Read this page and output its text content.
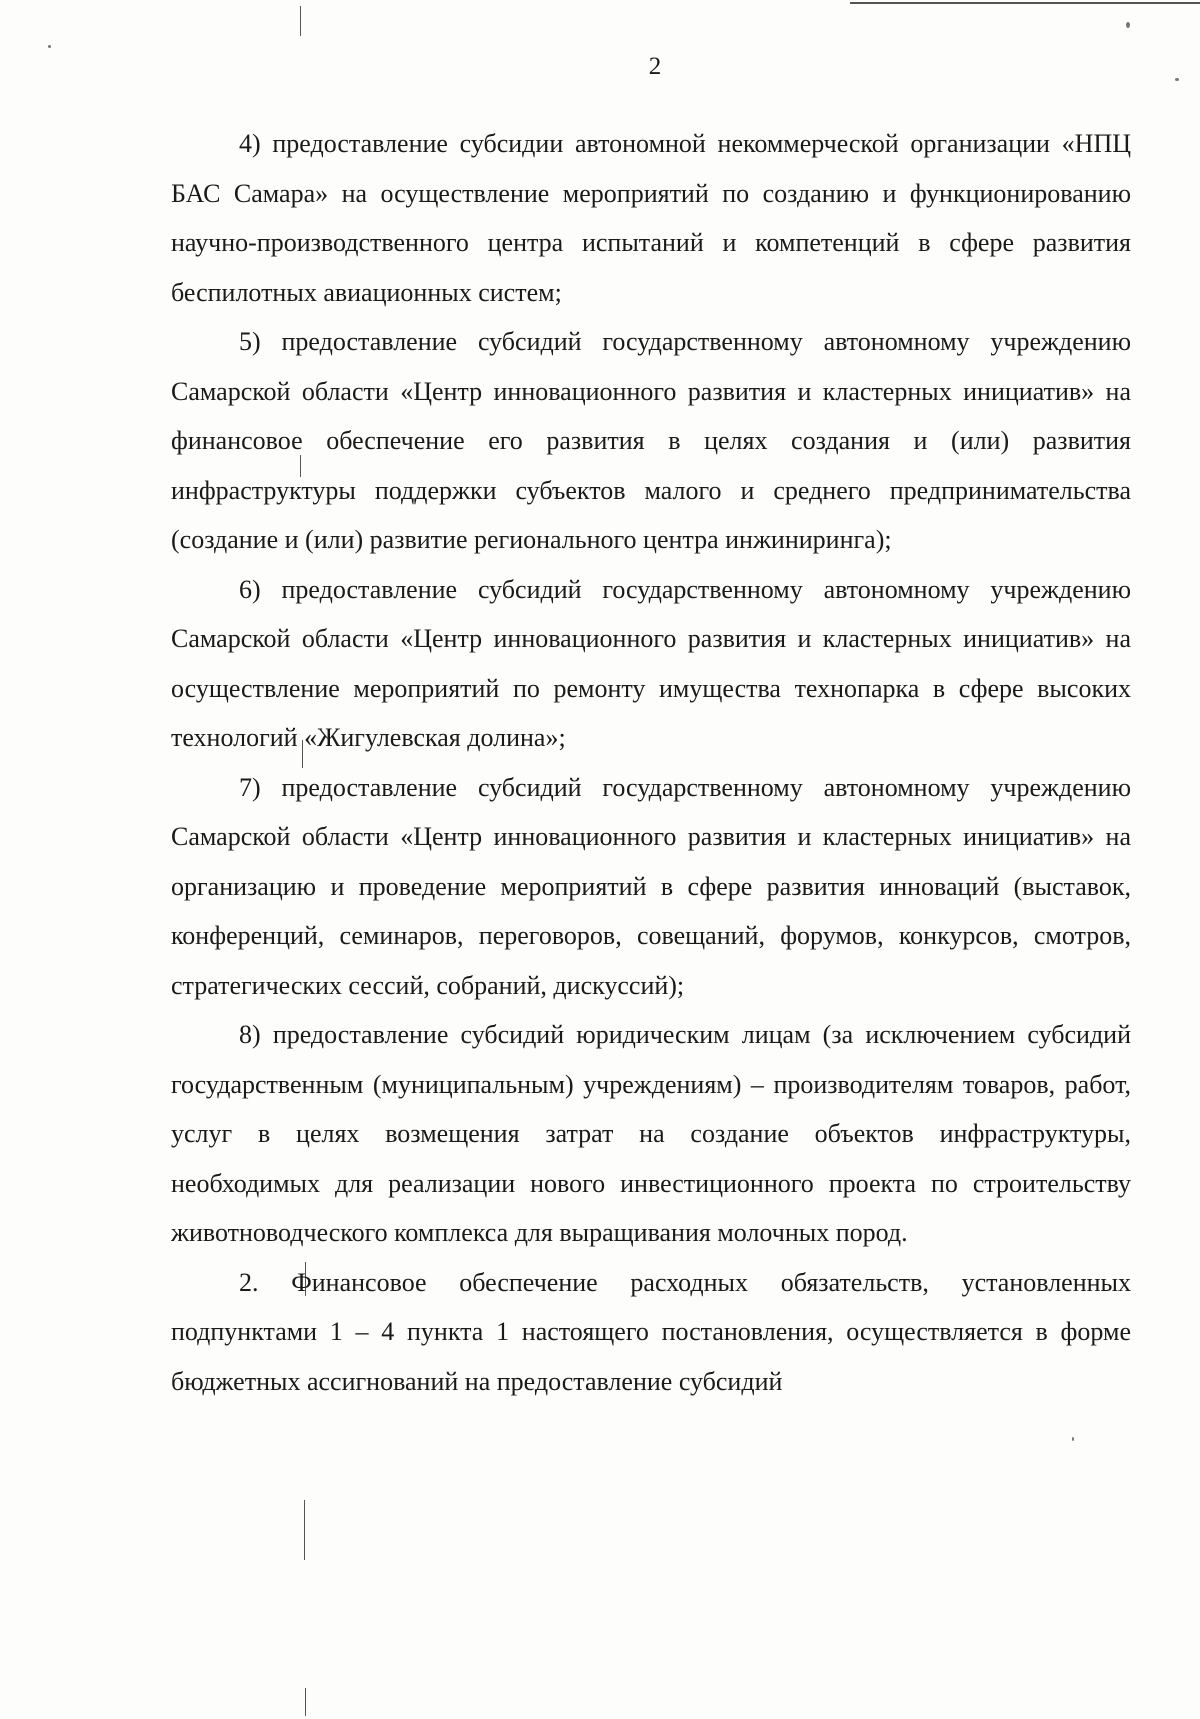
2

4) предоставление субсидии автономной некоммерческой организации «НПЦ БАС Самара» на осуществление мероприятий по созданию и функционированию научно-производственного центра испытаний и компетенций в сфере развития беспилотных авиационных систем;

5) предоставление субсидий государственному автономному учреждению Самарской области «Центр инновационного развития и кластерных инициатив» на финансовое обеспечение его развития в целях создания и (или) развития инфраструктуры поддержки субъектов малого и среднего предпринимательства (создание и (или) развитие регионального центра инжиниринга);

6) предоставление субсидий государственному автономному учреждению Самарской области «Центр инновационного развития и кластерных инициатив» на осуществление мероприятий по ремонту имущества технопарка в сфере высоких технологий «Жигулевская долина»;

7) предоставление субсидий государственному автономному учреждению Самарской области «Центр инновационного развития и кластерных инициатив» на организацию и проведение мероприятий в сфере развития инноваций (выставок, конференций, семинаров, переговоров, совещаний, форумов, конкурсов, смотров, стратегических сессий, собраний, дискуссий);

8) предоставление субсидий юридическим лицам (за исключением субсидий государственным (муниципальным) учреждениям) – производителям товаров, работ, услуг в целях возмещения затрат на создание объектов инфраструктуры, необходимых для реализации нового инвестиционного проекта по строительству животноводческого комплекса для выращивания молочных пород.

2. Финансовое обеспечение расходных обязательств, установленных подпунктами 1 – 4 пункта 1 настоящего постановления, осуществляется в форме бюджетных ассигнований на предоставление субсидий
